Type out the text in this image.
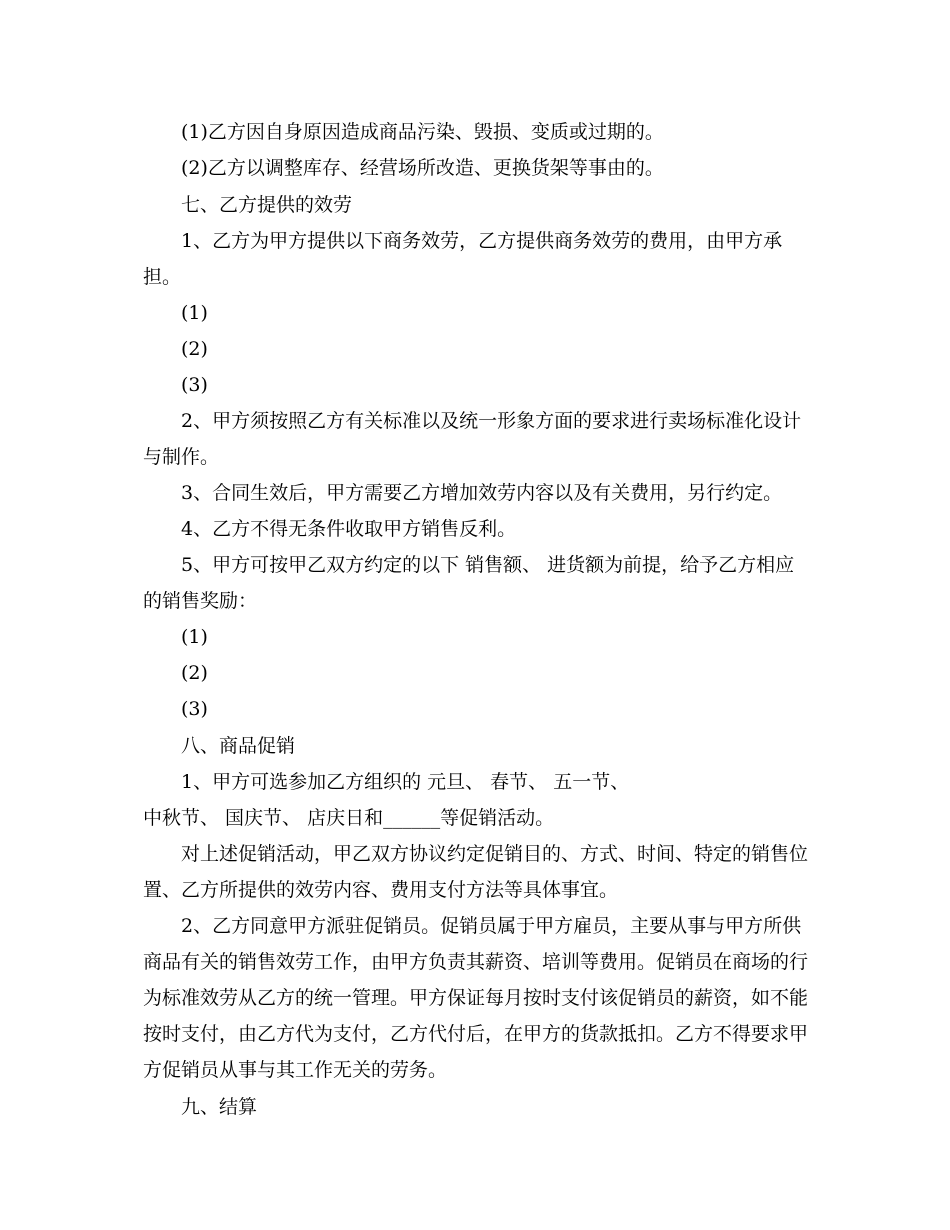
(1)乙方因自身原因造成商品污染、毁损、变质或过期的。

(2)乙方以调整库存、经营场所改造、更换货架等事由的。

七、乙方提供的效劳

1、乙方为甲方提供以下商务效劳，乙方提供商务效劳的费用，由甲方承担。

(1)

(2)

(3)

2、甲方须按照乙方有关标准以及统一形象方面的要求进行卖场标准化设计与制作。

3、合同生效后，甲方需要乙方增加效劳内容以及有关费用，另行约定。

4、乙方不得无条件收取甲方销售反利。

5、甲方可按甲乙双方约定的以下 销售额、 进货额为前提，给予乙方相应的销售奖励：

(1)

(2)

(3)

八、商品促销

1、甲方可选参加乙方组织的 元旦、 春节、 五一节、

中秋节、 国庆节、 店庆日和______等促销活动。

对上述促销活动，甲乙双方协议约定促销目的、方式、时间、特定的销售位置、乙方所提供的效劳内容、费用支付方法等具体事宜。

2、乙方同意甲方派驻促销员。促销员属于甲方雇员，主要从事与甲方所供商品有关的销售效劳工作，由甲方负责其薪资、培训等费用。促销员在商场的行为标准效劳从乙方的统一管理。甲方保证每月按时支付该促销员的薪资，如不能按时支付，由乙方代为支付，乙方代付后，在甲方的货款抵扣。乙方不得要求甲方促销员从事与其工作无关的劳务。

九、结算
